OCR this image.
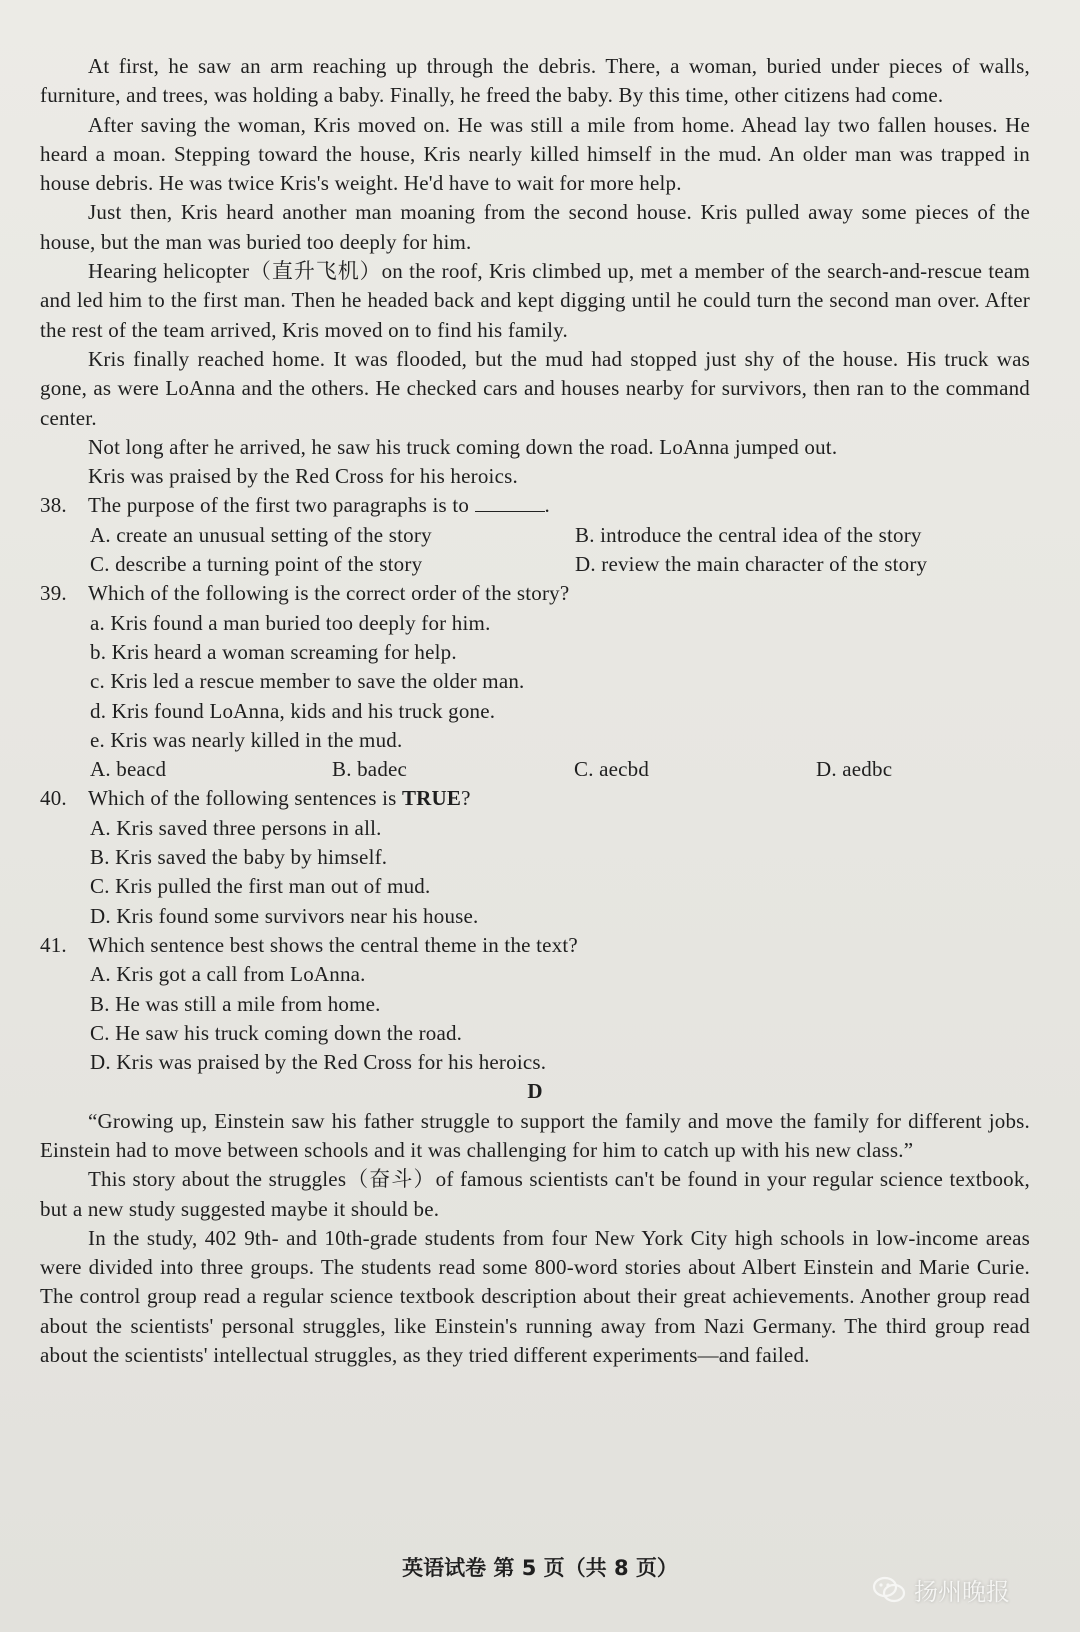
At first, he saw an arm reaching up through the debris. There, a woman, buried under pieces of walls, furniture, and trees, was holding a baby. Finally, he freed the baby. By this time, other citizens had come.

After saving the woman, Kris moved on. He was still a mile from home. Ahead lay two fallen houses. He heard a moan. Stepping toward the house, Kris nearly killed himself in the mud. An older man was trapped in house debris. He was twice Kris's weight. He'd have to wait for more help.

Just then, Kris heard another man moaning from the second house. Kris pulled away some pieces of the house, but the man was buried too deeply for him.

Hearing helicopter（直升飞机）on the roof, Kris climbed up, met a member of the search-and-rescue team and led him to the first man. Then he headed back and kept digging until he could turn the second man over. After the rest of the team arrived, Kris moved on to find his family.

Kris finally reached home. It was flooded, but the mud had stopped just shy of the house. His truck was gone, as were LoAnna and the others. He checked cars and houses nearby for survivors, then ran to the command center.

Not long after he arrived, he saw his truck coming down the road. LoAnna jumped out.

Kris was praised by the Red Cross for his heroics.

38. The purpose of the first two paragraphs is to	.

A. create an unusual setting of the story	B. introduce the central idea of the story
C. describe a turning point of the story	D. review the main character of the story

39. Which of the following is the correct order of the story?

a. Kris found a man buried too deeply for him.

b. Kris heard a woman screaming for help.

c. Kris led a rescue member to save the older man.

d. Kris found LoAnna, kids and his truck gone.

e. Kris was nearly killed in the mud.

A. beacd	B. badec	C. aecbd	D. aedbc

40. Which of the following sentences is TRUE?

A. Kris saved three persons in all.

B. Kris saved the baby by himself.

C. Kris pulled the first man out of mud.

D. Kris found some survivors near his house.

41. Which sentence best shows the central theme in the text?

A. Kris got a call from LoAnna.

B. He was still a mile from home.

C. He saw his truck coming down the road.

D. Kris was praised by the Red Cross for his heroics.

D

“Growing up, Einstein saw his father struggle to support the family and move the family for different jobs. Einstein had to move between schools and it was challenging for him to catch up with his new class.”

This story about the struggles（奋斗）of famous scientists can't be found in your regular science textbook, but a new study suggested maybe it should be.

In the study, 402 9th- and 10th-grade students from four New York City high schools in low-income areas were divided into three groups. The students read some 800-word stories about Albert Einstein and Marie Curie. The control group read a regular science textbook description about their great achievements. Another group read about the scientists' personal struggles, like Einstein's running away from Nazi Germany. The third group read about the scientists' intellectual struggles, as they tried different experiments—and failed.

英语试卷 第 5 页（共 8 页）
扬州晚报
